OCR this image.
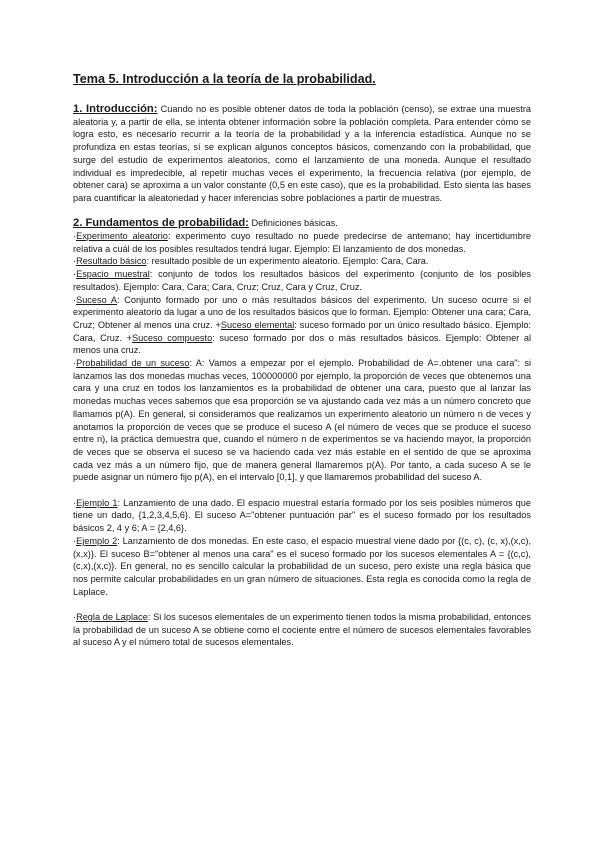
Tema 5. Introducción a la teoría de la probabilidad.

1. Introducción: Cuando no es posible obtener datos de toda la población (censo), se extrae una muestra aleatoria y, a partir de ella, se intenta obtener información sobre la población completa. Para entender cómo se logra esto, es necesario recurrir a la teoría de la probabilidad y a la inferencia estadística. Aunque no se profundiza en estas teorías, sí se explican algunos conceptos básicos, comenzando con la probabilidad, que surge del estudio de experimentos aleatorios, como el lanzamiento de una moneda. Aunque el resultado individual es impredecible, al repetir muchas veces el experimento, la frecuencia relativa (por ejemplo, de obtener cara) se aproxima a un valor constante (0,5 en este caso), que es la probabilidad. Esto sienta las bases para cuantificar la aleatoriedad y hacer inferencias sobre poblaciones a partir de muestras.

2. Fundamentos de probabilidad: Definiciones básicas.

·Experimento aleatorio: experimento cuyo resultado no puede predecirse de antemano; hay incertidumbre relativa a cuál de los posibles resultados tendrá lugar. Ejemplo: El lanzamiento de dos monedas.

·Resultado básico: resultado posible de un experimento aleatorio. Ejemplo: Cara, Cara.

·Espacio muestral: conjunto de todos los resultados básicos del experimento (conjunto de los posibles resultados). Ejemplo: Cara, Cara; Cara, Cruz; Cruz, Cara y Cruz, Cruz.

·Suceso A: Conjunto formado por uno o más resultados básicos del experimento. Un suceso ocurre si el experimento aleatorio da lugar a uno de los resultados básicos que lo forman. Ejemplo: Obtener una cara; Cara, Cruz; Obtener al menos una cruz. +Suceso elemental: suceso formado por un único resultado básico. Ejemplo: Cara, Cruz. +Suceso compuesto: suceso formado por dos o más resultados básicos. Ejemplo: Obtener al menos una cruz.

·Probabilidad de un suceso: A: Vamos a empezar por el ejemplo. Probabilidad de A=.obtener una cara": si lanzamos las dos monedas muchas veces, 100000000 por ejemplo, la proporción de veces que obtenemos una cara y una cruz en todos los lanzamientos es la probabilidad de obtener una cara, puesto que al lanzar las monedas muchas veces sabemos que esa proporción se va ajustando cada vez más a un número concreto que llamamos p(A). En general, si consideramos que realizamos un experimento aleatorio un número n de veces y anotamos la proporción de veces que se produce el suceso A (el número de veces que se produce el suceso entre n), la práctica demuestra que, cuando el número n de experimentos se va haciendo mayor, la proporción de veces que se observa el suceso se va haciendo cada vez más estable en el sentido de que se aproxima cada vez más a un número fijo, que de manera general llamaremos p(A). Por tanto, a cada suceso A se le puede asignar un número fijo p(A), en el intervalo [0,1], y que llamaremos probabilidad del suceso A.

·Ejemplo 1: Lanzamiento de una dado. El espacio muestral estaría formado por los seis posibles números que tiene un dado, {1,2,3,4,5,6}. El suceso A="obtener puntuación par" es el suceso formado por los resultados básicos 2, 4 y 6; A = {2,4,6}.

·Ejemplo 2: Lanzamiento de dos monedas. En este caso, el espacio muestral viene dado por {(c, c), (c, x),(x,c),(x,x)}. El suceso B="obtener al menos una cara" es el suceso formado por los sucesos elementales A = {(c,c),(c,x),(x,c)}. En general, no es sencillo calcular la probabilidad de un suceso, pero existe una regla básica que nos permite calcular probabilidades en un gran número de situaciones. Esta regla es conocida como la regla de Laplace.

·Regla de Laplace: Si los sucesos elementales de un experimento tienen todos la misma probabilidad, entonces la probabilidad de un suceso A se obtiene como el cociente entre el número de sucesos elementales favorables al suceso A y el número total de sucesos elementales.
